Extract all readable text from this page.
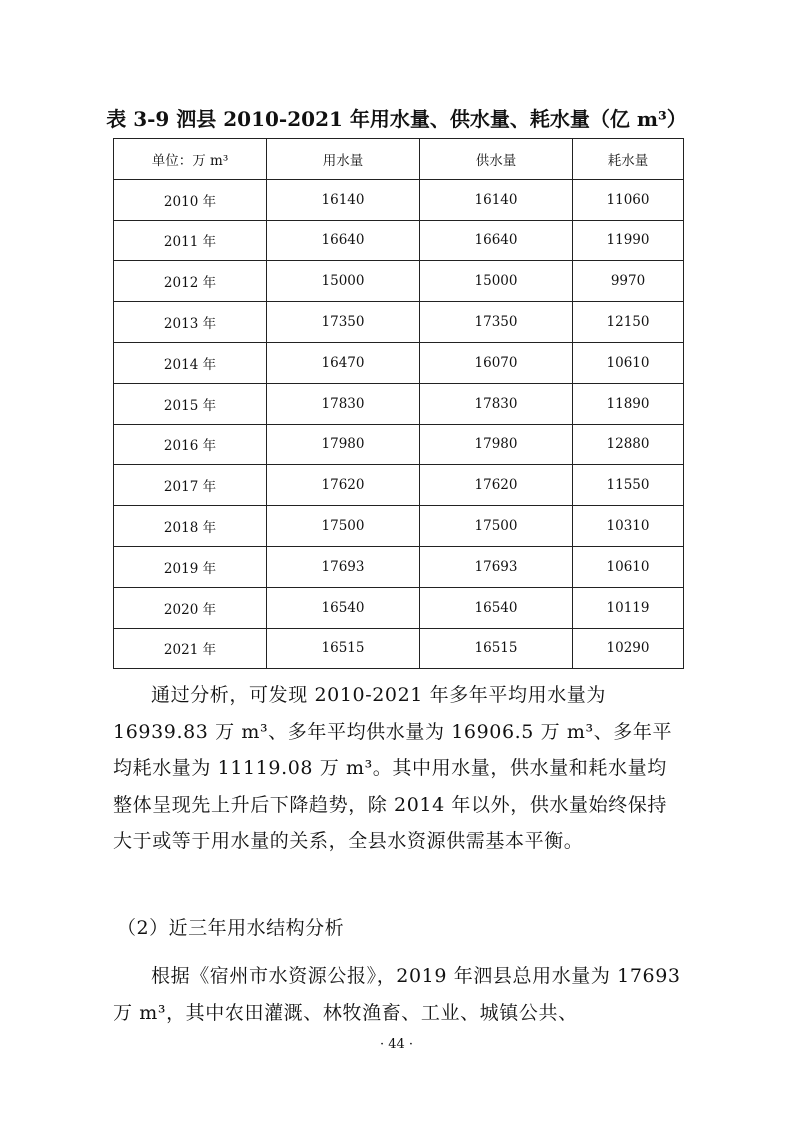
表 3-9 泗县 2010-2021 年用水量、供水量、耗水量（亿 m³）
单位：万 m³	用水量	供水量	耗水量
2010 年	16140	16140	11060
2011 年	16640	16640	11990
2012 年	15000	15000	9970
2013 年	17350	17350	12150
2014 年	16470	16070	10610
2015 年	17830	17830	11890
2016 年	17980	17980	12880
2017 年	17620	17620	11550
2018 年	17500	17500	10310
2019 年	17693	17693	10610
2020 年	16540	16540	10119
2021 年	16515	16515	10290
通过分析，可发现 2010-2021 年多年平均用水量为 16939.83 万 m³、多年平均供水量为 16906.5 万 m³、多年平均耗水量为 11119.08 万 m³。其中用水量，供水量和耗水量均整体呈现先上升后下降趋势，除 2014 年以外，供水量始终保持大于或等于用水量的关系，全县水资源供需基本平衡。
（2）近三年用水结构分析
根据《宿州市水资源公报》，2019 年泗县总用水量为 17693 万 m³，其中农田灌溉、林牧渔畜、工业、城镇公共、
· 44 ·
